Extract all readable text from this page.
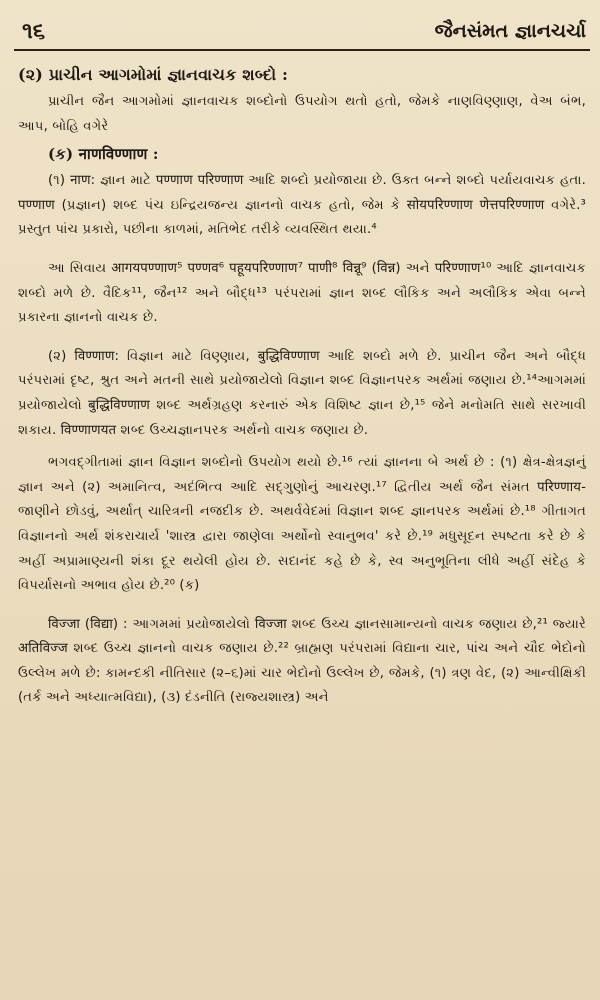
૧૬	જૈનસંમત જ્ઞાનચર્ચા
(૨) પ્રાચીન આગમોમાં જ્ઞાનવાચક શબ્દો :

પ્રાચીન જૈન આગમોમાં જ્ઞાનવાચક શબ્દોનો ઉપયોગ થતો હતો, જેમકે નાણવિણ્ણાણ, વેઅ બંભ, આપ, બોહિ વગેરે

(ક) नाणविण्णाण :

(૧) नाण: જ્ઞાન માટે पण्णाण परिण्णाण આદિ શબ્દો પ્રયોજાયા છે. ઉક્ત બન્ને શબ્દો પર્યાયવાચક હતા. पण्णाण (પ્રજ્ઞાન) શબ્દ પંચ ઇન્દ્રિયજન્ય જ્ઞાનનો વાચક હતો, જેમ કે सोयपरिण्णाण णेत्तपरिण्णाण વગેરે.³ પ્રસ્તુત પાંચ પ્રકારો, પછીના કાળમાં, મતિભેદ તરીકે વ્યવસ્થિત થયા.⁴

આ સિવાય आगयपण्णाण⁵ पण्णव⁶ पहूयपरिण्णाण⁷ पाणी⁸ विन्नू⁹ (विन्न) અને परिण्णाण¹⁰ આદિ જ્ઞાનવાચક શબ્દો મળે છે. વૈદિક¹¹, જૈન¹² અને બૌદ્ધ¹³ પરંપરામાં જ્ઞાન શબ્દ લૌકિક અને અલૌકિક એવા બન્ને પ્રકારના જ્ઞાનનો વાચક છે.

(૨) विण्णाण: વિજ્ઞાન માટે વિણ્ણાય, बुद्धिविण्णाण આદિ શબ્દો મળે છે. પ્રાચીન જૈન અને બૌદ્ધ પરંપરામાં દૃષ્ટ, શ્રુત અને મતની સાથે પ્રયોજાયેલો વિજ્ઞાન શબ્દ વિજ્ઞાનપરક અર્થમાં જણાય છે.¹⁴આગમમાં પ્રયોજાયેલો बुद्धिविण्णाण શબ્દ અર્થગ્રહણ કરનારું એક વિશિષ્ટ જ્ઞાન છે,¹⁵ જેને મનોમતિ સાથે સરખાવી શકાય. विण्णाणयत શબ્દ ઉચ્ચજ્ઞાનપરક અર્થનો વાચક જણાય છે.

ભગવદ્ગીતામાં જ્ઞાન વિજ્ઞાન શબ્દોનો ઉપયોગ થયો છે.¹⁶ ત્યાં જ્ઞાનના બે અર્થ છે : (૧) ક્ષેત્ર-ક્ષેત્રજ્ઞનું જ્ઞાન અને (૨) અમાનિત્વ, અદંભિત્વ આદિ સદ્ગુણોનું આચરણ.¹⁷ દ્વિતીય અર્થ જૈન સંમત परिण्णाय-જાણીને છોડવું, અર્થાત્ ચારિત્રની નજદીક છે. અથર્વવેદમાં વિજ્ઞાન શબ્દ જ્ઞાનપરક અર્થમાં છે.¹⁸ ગીતાગત વિજ્ઞાનનો અર્થ શંકરાચાર્ય 'શાસ્ત્ર દ્વારા જાણેલા અર્થોનો સ્વાનુભવ' કરે છે.¹⁹ મધુસૂદન સ્પષ્ટતા કરે છે કે અહીં અપ્રામાણ્યની શંકા દૂર થયેલી હોય છે. સદાનંદ કહે છે કે, સ્વ અનુભૂતિના લીધે અહીં સંદેહ કે વિપર્યાસનો અભાવ હોય છે.²⁰ (ક)

विज्जा (विद्या) : આગમમાં પ્રયોજાયેલો विज्जा શબ્દ ઉચ્ચ જ્ઞાનસામાન્યનો વાચક જણાય છે,²¹ જ્યારે अतिविज्ज શબ્દ ઉચ્ચ જ્ઞાનનો વાચક જણાય છે.²² બ્રાહ્મણ પરંપરામાં વિદ્યાના ચાર, પાંચ અને ચૌદ ભેદોનો ઉલ્લેખ મળે છે: કામન્દકી નીતિસાર (૨–૬)માં ચાર ભેદોનો ઉલ્લેખ છે, જેમકે, (૧) ત્રણ વેદ, (૨) આન્વીક્ષિકી (તર્ક અને અધ્યાત્મવિદ્યા), (૩) દંડનીતિ (રાજ્યશાસ્ત્ર) અને
